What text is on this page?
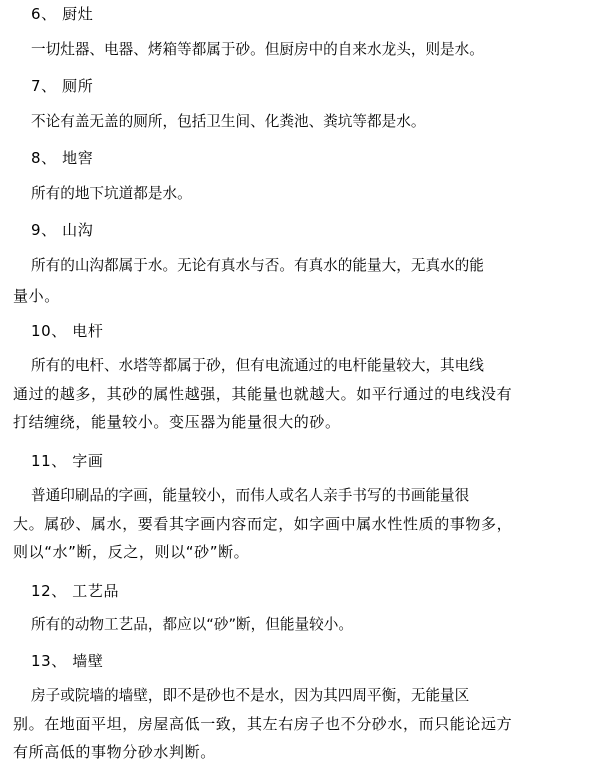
6、 厨灶
一切灶器、电器、烤箱等都属于砂。但厨房中的自来水龙头，则是水。
7、 厕所
不论有盖无盖的厕所，包括卫生间、化粪池、粪坑等都是水。
8、 地窖
所有的地下坑道都是水。
9、 山沟
所有的山沟都属于水。无论有真水与否。有真水的能量大，无真水的能
量小。
10、 电杆
所有的电杆、水塔等都属于砂，但有电流通过的电杆能量较大，其电线
通过的越多，其砂的属性越强，其能量也就越大。如平行通过的电线没有
打结缠绕，能量较小。变压器为能量很大的砂。
11、 字画
普通印刷品的字画，能量较小，而伟人或名人亲手书写的书画能量很
大。属砂、属水，要看其字画内容而定，如字画中属水性性质的事物多，
则以“水”断，反之，则以“砂”断。
12、 工艺品
所有的动物工艺品，都应以“砂”断，但能量较小。
13、 墙壁
房子或院墙的墙壁，即不是砂也不是水，因为其四周平衡，无能量区
别。在地面平坦，房屋高低一致，其左右房子也不分砂水，而只能论远方
有所高低的事物分砂水判断。
